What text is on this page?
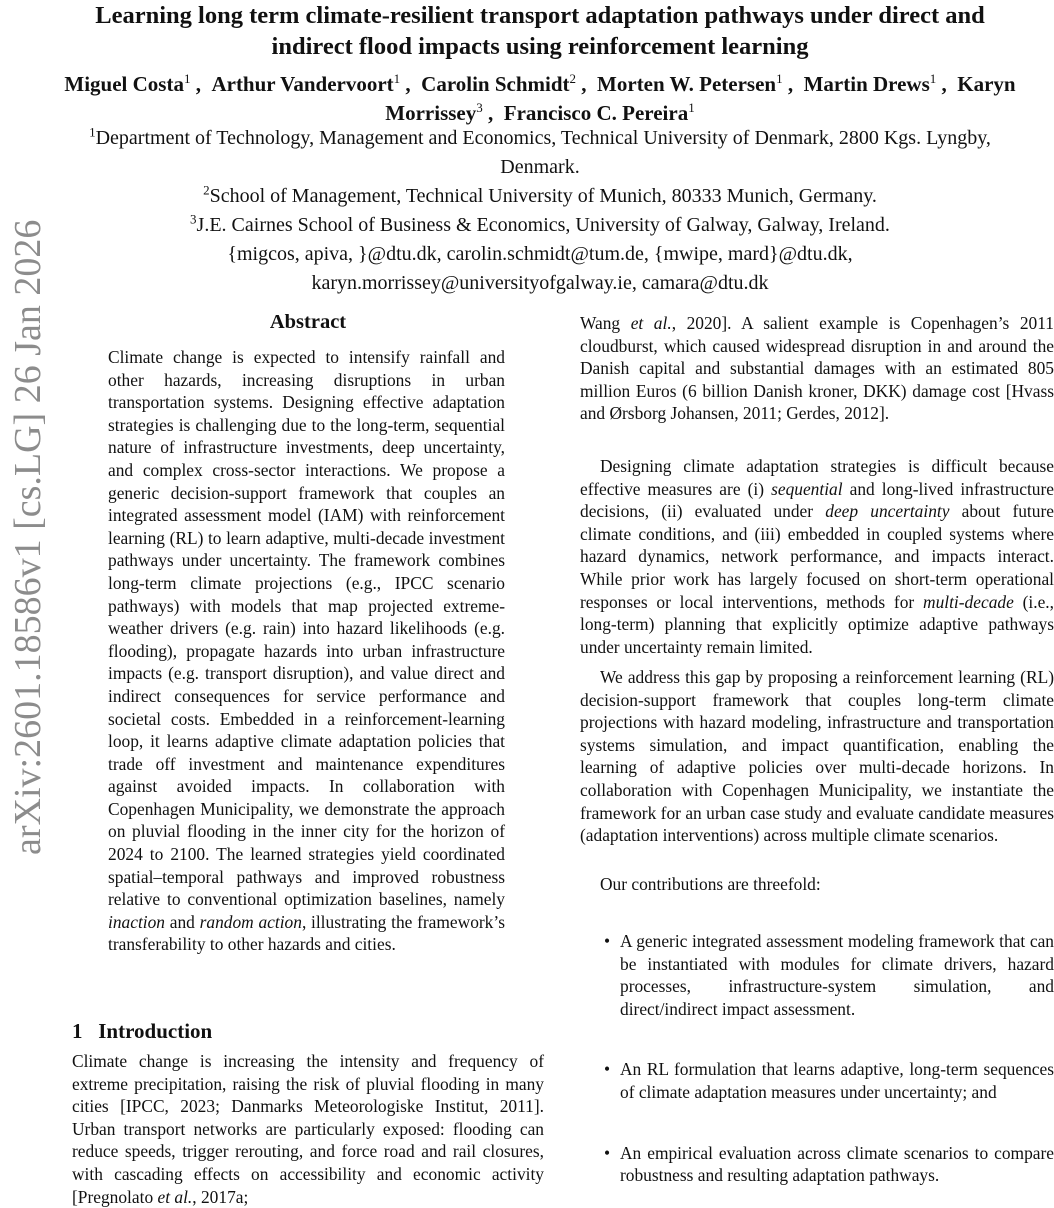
arXiv:2601.18586v1 [cs.LG] 26 Jan 2026
Learning long term climate-resilient transport adaptation pathways under direct and indirect flood impacts using reinforcement learning
Miguel Costa$^1$ ,  Arthur Vandervoort$^1$ ,  Carolin Schmidt$^2$ ,  Morten W. Petersen$^1$ ,  Martin Drews$^1$ ,  Karyn Morrissey$^3$ ,  Francisco C. Pereira$^1$
$^1$Department of Technology, Management and Economics, Technical University of Denmark, 2800 Kgs. Lyngby, Denmark.
$^2$School of Management, Technical University of Munich, 80333 Munich, Germany.
$^3$J.E. Cairnes School of Business & Economics, University of Galway, Galway, Ireland.
{migcos, apiva, }@dtu.dk, carolin.schmidt@tum.de, {mwipe, mard}@dtu.dk,
karyn.morrissey@universityofgalway.ie, camara@dtu.dk
Abstract

Climate change is expected to intensify rainfall and other hazards, increasing disruptions in urban transportation systems. Designing effective adaptation strategies is challenging due to the long-term, sequential nature of infrastructure investments, deep uncertainty, and complex cross-sector interactions. We propose a generic decision-support framework that couples an integrated assessment model (IAM) with reinforcement learning (RL) to learn adaptive, multi-decade investment pathways under uncertainty. The framework combines long-term climate projections (e.g., IPCC scenario pathways) with models that map projected extreme-weather drivers (e.g. rain) into hazard likelihoods (e.g. flooding), propagate hazards into urban infrastructure impacts (e.g. transport disruption), and value direct and indirect consequences for service performance and societal costs. Embedded in a reinforcement-learning loop, it learns adaptive climate adaptation policies that trade off investment and maintenance expenditures against avoided impacts. In collaboration with Copenhagen Municipality, we demonstrate the approach on pluvial flooding in the inner city for the horizon of 2024 to 2100. The learned strategies yield coordinated spatial–temporal pathways and improved robustness relative to conventional optimization baselines, namely inaction and random action, illustrating the framework’s transferability to other hazards and cities.

1 Introduction

Climate change is increasing the intensity and frequency of extreme precipitation, raising the risk of pluvial flooding in many cities [IPCC, 2023; Danmarks Meteorologiske Institut, 2011]. Urban transport networks are particularly exposed: flooding can reduce speeds, trigger rerouting, and force road and rail closures, with cascading effects on accessibility and economic activity [Pregnolato et al., 2017a;

Wang et al., 2020]. A salient example is Copenhagen’s 2011 cloudburst, which caused widespread disruption in and around the Danish capital and substantial damages with an estimated 805 million Euros (6 billion Danish kroner, DKK) damage cost [Hvass and Ørsborg Johansen, 2011; Gerdes, 2012].

Designing climate adaptation strategies is difficult because effective measures are (i) sequential and long-lived infrastructure decisions, (ii) evaluated under deep uncertainty about future climate conditions, and (iii) embedded in coupled systems where hazard dynamics, network performance, and impacts interact. While prior work has largely focused on short-term operational responses or local interventions, methods for multi-decade (i.e., long-term) planning that explicitly optimize adaptive pathways under uncertainty remain limited.

We address this gap by proposing a reinforcement learning (RL) decision-support framework that couples long-term climate projections with hazard modeling, infrastructure and transportation systems simulation, and impact quantification, enabling the learning of adaptive policies over multi-decade horizons. In collaboration with Copenhagen Municipality, we instantiate the framework for an urban case study and evaluate candidate measures (adaptation interventions) across multiple climate scenarios.

Our contributions are threefold:

• A generic integrated assessment modeling framework that can be instantiated with modules for climate drivers, hazard processes, infrastructure-system simulation, and direct/indirect impact assessment.
• An RL formulation that learns adaptive, long-term sequences of climate adaptation measures under uncertainty; and
• An empirical evaluation across climate scenarios to compare robustness and resulting adaptation pathways.
